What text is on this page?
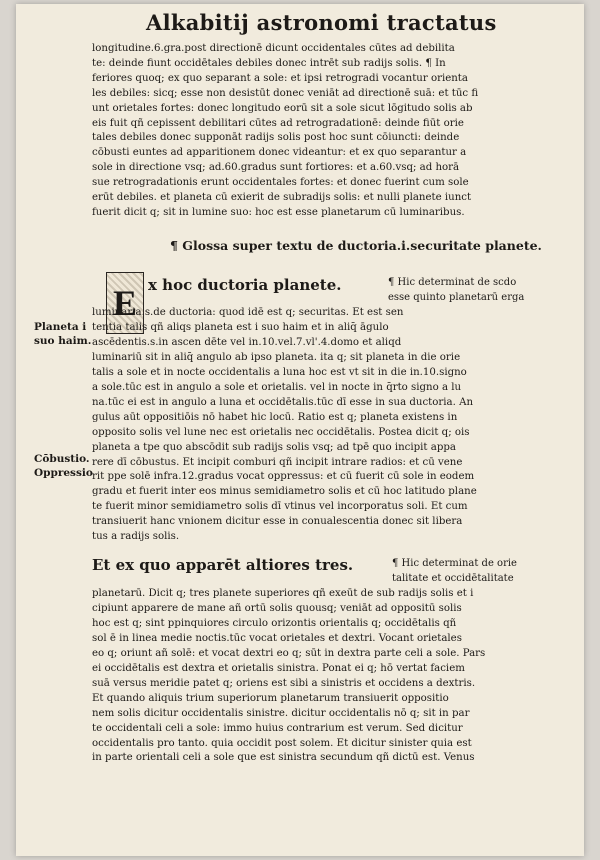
Alkabitij astronomi tractatus

longitudine.6.gra.post directionē dicunt occidentales cūtes ad debilita

te: deinde fiunt occidētales debiles donec intrēt sub radijs solis. ¶ In

feriores quoq; ex quo separant a sole: et ipsi retrogradi vocantur orienta

les debiles: sicq; esse non desistūt donec veniāt ad directionē suā: et tūc fi

unt orietales fortes: donec longitudo eorū sit a sole sicut lōgitudo solis ab

eis fuit qñ cepissent debilitari cūtes ad retrogradationē: deinde fiūt orie

tales debiles donec supponāt radijs solis post hoc sunt cōiuncti: deinde

cōbusti euntes ad apparitionem donec videantur: et ex quo separantur a

sole in directione vsq; ad.60.gradus sunt fortiores: et a.60.vsq; ad horā

sue retrogradationis erunt occidentales fortes: et donec fuerint cum sole

erūt debiles. et planeta cū exierit de subradijs solis: et nulli planete iunct

fuerit dicit q; sit in lumine suo: hoc est esse planetarum cū luminaribus.

¶ Glossa super textu de ductoria.i.securitate planete.
E x hoc ductoria planete.	¶ Hic determinat de scdo
esse quinto planetarū erga
Planeta i
suo haim.

luminaria.s.de ductoria: quod idē est q; securitas. Et est sen

tentia talis qñ aliqs planeta est i suo haim et in aliq̄ āgulo

ascēdentis.s.in ascen dēte vel in.10.vel.7.vl'.4.domo et aliqd

luminariū sit in aliq̄ angulo ab ipso planeta. ita q; sit planeta in die orie

talis a sole et in nocte occidentalis a luna hoc est vt sit in die in.10.signo

a sole.tūc est in angulo a sole et orietalis. vel in nocte in q̄rto signo a lu

na.tūc ei est in angulo a luna et occidētalis.tūc dī esse in sua ductoria. An

gulus aūt oppositiōis nō habet hic locū. Ratio est q; planeta existens in

opposito solis vel lune nec est orietalis nec occidētalis. Postea dicit q; ois

planeta a tpe quo abscōdit sub radijs solis vsq; ad tpē quo incipit appa

rere dī cōbustus. Et incipit comburi qñ incipit intrare radios: et cū vene

rit ppe solē infra.12.gradus vocat oppressus: et cū fuerit cū sole in eodem

gradu et fuerit inter eos minus semidiametro solis et cū hoc latitudo plane

te fuerit minor semidiametro solis dī vtinus vel incorporatus soli. Et cum

transiuerit hanc vnionem dicitur esse in conualescentia donec sit libera

tus a radijs solis.

Cōbustio.
Oppressio
Et ex quo apparēt altiores tres.	¶ Hic determinat de orie
talitate et occidētalitate

planetarū. Dicit q; tres planete superiores qñ exeūt de sub radijs solis et i

cipiunt apparere de mane añ ortū solis quousq; veniāt ad oppositū solis

hoc est q; sint ppinquiores circulo orizontis orientalis q; occidētalis qñ

sol ē in linea medie noctis.tūc vocat orietales et dextri. Vocant orietales

eo q; oriunt añ solē: et vocat dextri eo q; sūt in dextra parte celi a sole. Pars

ei occidētalis est dextra et orietalis sinistra. Ponat ei q; hō vertat faciem

suā versus meridie patet q; oriens est sibi a sinistris et occidens a dextris.

Et quando aliquis trium superiorum planetarum transiuerit oppositio

nem solis dicitur occidentalis sinistre. dicitur occidentalis nō q; sit in par

te occidentali celi a sole: immo huius contrarium est verum. Sed dicitur

occidentalis pro tanto. quia occidit post solem. Et dicitur sinister quia est

in parte orientali celi a sole que est sinistra secundum qñ dictū est. Venus
